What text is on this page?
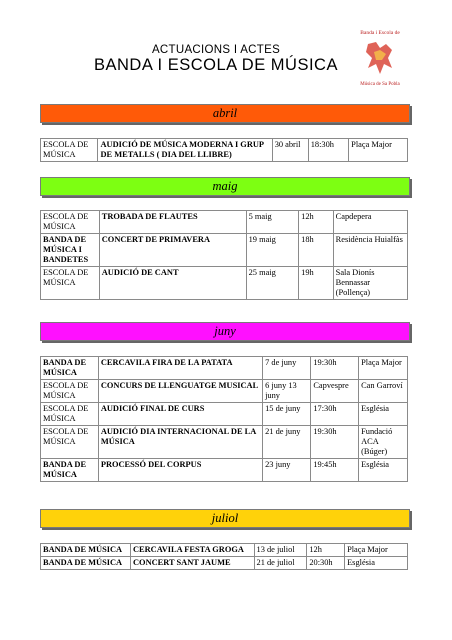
ACTUACIONS I ACTES
BANDA I ESCOLA DE MÚSICA
Banda i Escola de
Música de Sa Pobla
abril
ESCOLA DE MÚSICA	AUDICIÓ DE MÚSICA MODERNA I GRUP DE METALLS ( DIA DEL LLIBRE)	30 abril	18:30h	Plaça Major
maig
ESCOLA DE MÚSICA	TROBADA DE FLAUTES	5 maig	12h	Capdepera
BANDA DE MÚSICA I BANDETES	CONCERT DE PRIMAVERA	19 maig	18h	Residència Huialfàs
ESCOLA DE MÚSICA	AUDICIÓ DE CANT	25 maig	19h	Sala Dionís Bennassar (Pollença)
juny
BANDA DE MÚSICA	CERCAVILA FIRA DE LA PATATA	7 de juny	19:30h	Plaça Major
ESCOLA DE MÚSICA	CONCURS DE LLENGUATGE MUSICAL	6 juny 13 juny	Capvespre	Can Garroví
ESCOLA DE MÚSICA	AUDICIÓ FINAL DE CURS	15 de juny	17:30h	Església
ESCOLA DE MÚSICA	AUDICIÓ DIA INTERNACIONAL DE LA MÚSICA	21 de juny	19:30h	Fundació ACA (Búger)
BANDA DE MÚSICA	PROCESSÓ DEL CORPUS	23 juny	19:45h	Església
juliol
BANDA DE MÚSICA	CERCAVILA FESTA GROGA	13 de juliol	12h	Plaça Major
BANDA DE MÚSICA	CONCERT SANT JAUME	21 de juliol	20:30h	Església
